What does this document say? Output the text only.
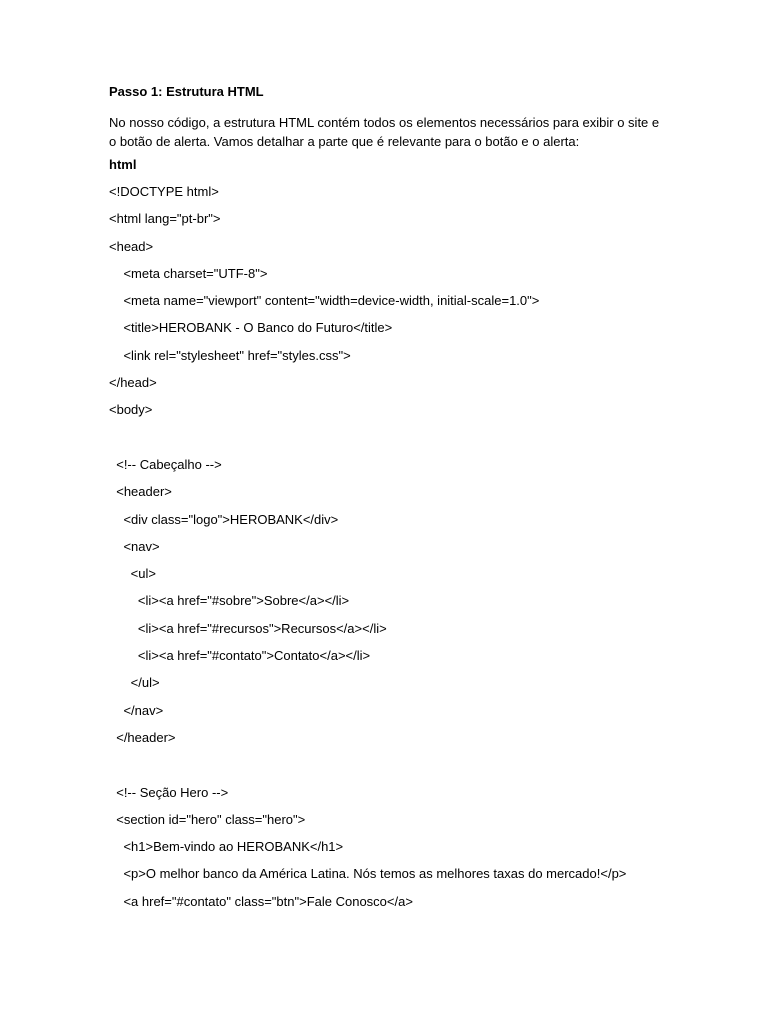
Passo 1: Estrutura HTML
No nosso código, a estrutura HTML contém todos os elementos necessários para exibir o site e
o botão de alerta. Vamos detalhar a parte que é relevante para o botão e o alerta:
html
<!DOCTYPE html>
<html lang="pt-br">
<head>
<meta charset="UTF-8">
<meta name="viewport" content="width=device-width, initial-scale=1.0">
<title>HEROBANK - O Banco do Futuro</title>
<link rel="stylesheet" href="styles.css">
</head>
<body>
<!-- Cabeçalho -->
<header>
<div class="logo">HEROBANK</div>
<nav>
<ul>
<li><a href="#sobre">Sobre</a></li>
<li><a href="#recursos">Recursos</a></li>
<li><a href="#contato">Contato</a></li>
</ul>
</nav>
</header>
<!-- Seção Hero -->
<section id="hero" class="hero">
<h1>Bem-vindo ao HEROBANK</h1>
<p>O melhor banco da América Latina. Nós temos as melhores taxas do mercado!</p>
<a href="#contato" class="btn">Fale Conosco</a>
